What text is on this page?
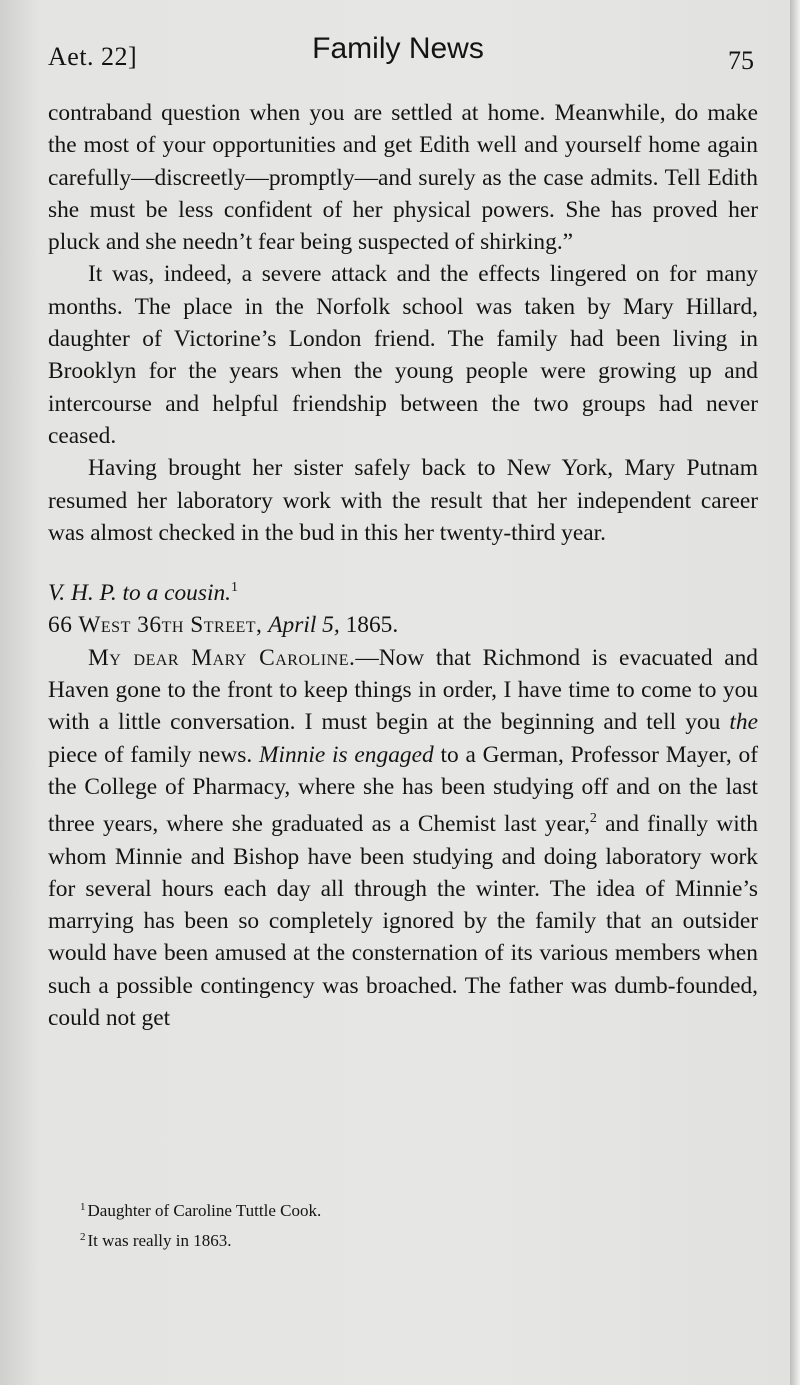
Aet. 22]	Family News	75

contraband question when you are settled at home. Meanwhile, do make the most of your opportunities and get Edith well and yourself home again carefully—discreetly—promptly—and surely as the case admits. Tell Edith she must be less confident of her physical powers. She has proved her pluck and she needn’t fear being suspected of shirking.”

It was, indeed, a severe attack and the effects lingered on for many months. The place in the Norfolk school was taken by Mary Hillard, daughter of Victorine’s London friend. The family had been living in Brooklyn for the years when the young people were growing up and intercourse and helpful friendship between the two groups had never ceased.

Having brought her sister safely back to New York, Mary Putnam resumed her laboratory work with the result that her independent career was almost checked in the bud in this her twenty-third year.

V. H. P. to a cousin.$^1$

66 West 36th Street, April 5, 1865.

My dear Mary Caroline.—Now that Richmond is evacuated and Haven gone to the front to keep things in order, I have time to come to you with a little conversation. I must begin at the beginning and tell you the piece of family news. Minnie is engaged to a German, Professor Mayer, of the College of Pharmacy, where she has been studying off and on the last three years, where she graduated as a Chemist last year,$^2$ and finally with whom Minnie and Bishop have been studying and doing laboratory work for several hours each day all through the winter. The idea of Minnie’s marrying has been so completely ignored by the family that an outsider would have been amused at the consternation of its various members when such a possible contingency was broached. The father was dumb-founded, could not get

$^1$ Daughter of Caroline Tuttle Cook.

$^2$ It was really in 1863.
